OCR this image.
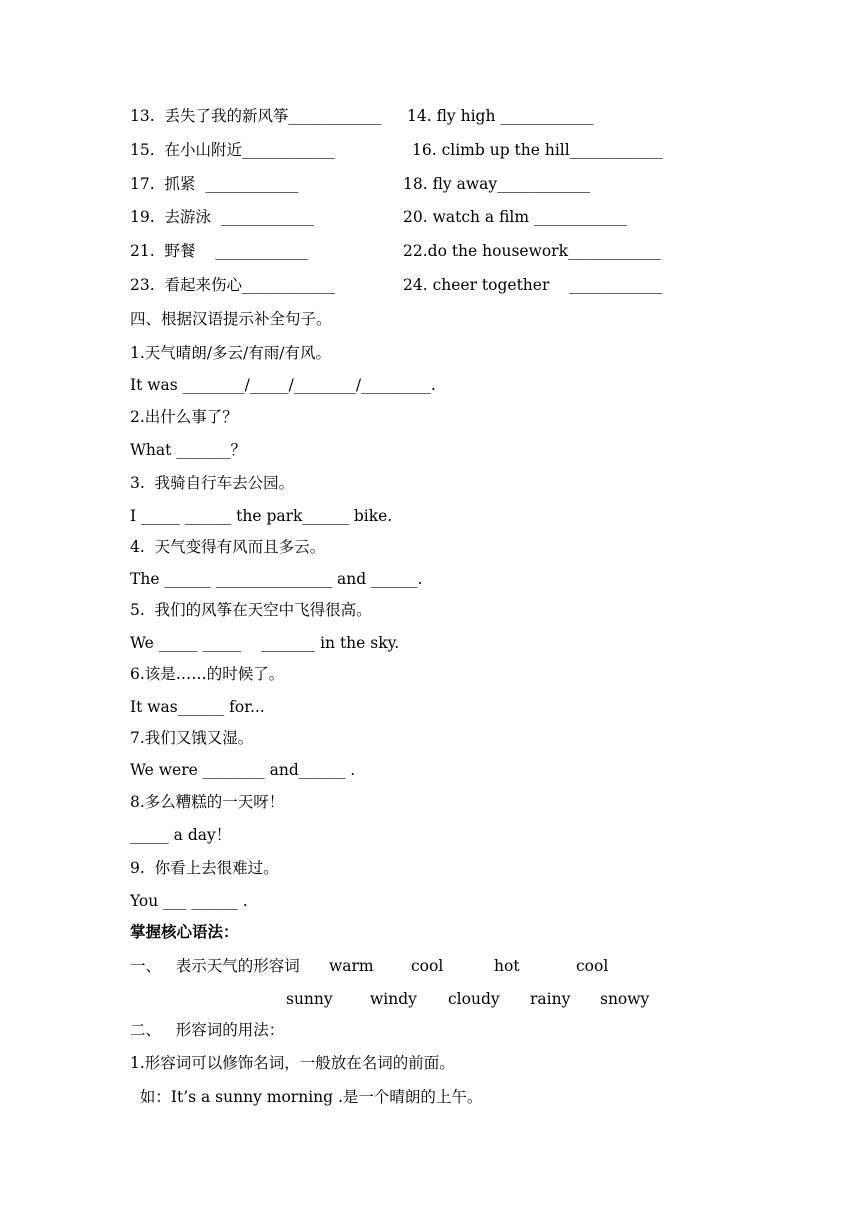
13.  丢失了我的新风筝____________ 14. fly high ____________
15.  在小山附近____________	16. climb up the hill____________
17.  抓紧  ____________	18. fly away____________
19.  去游泳  ____________	20. watch a film ____________
21.  野餐    ____________	22.do the housework____________
23.  看起来伤心____________	24. cheer together    ____________
四、根据汉语提示补全句子。
1.天气晴朗/多云/有雨/有风。
It was ________/_____/________/_________.
2.出什么事了？
What _______？
3.  我骑自行车去公园。
I _____ ______ the park______ bike.
4.  天气变得有风而且多云。
The ______ _______________ and ______.
5.  我们的风筝在天空中飞得很高。
We _____ _____    _______ in the sky.
6.该是……的时候了。
It was______ for...
7.我们又饿又湿。
We were ________ and______ .
8.多么糟糕的一天呀！
_____ a day！
9.  你看上去很难过。
You ___ ______ .
掌握核心语法：
一、   表示天气的形容词 warm cool	hot	cool
sunny windy cloudy rainy snowy
二、   形容词的用法：
1.形容词可以修饰名词，一般放在名词的前面。
如：It’s a sunny morning .是一个晴朗的上午。
